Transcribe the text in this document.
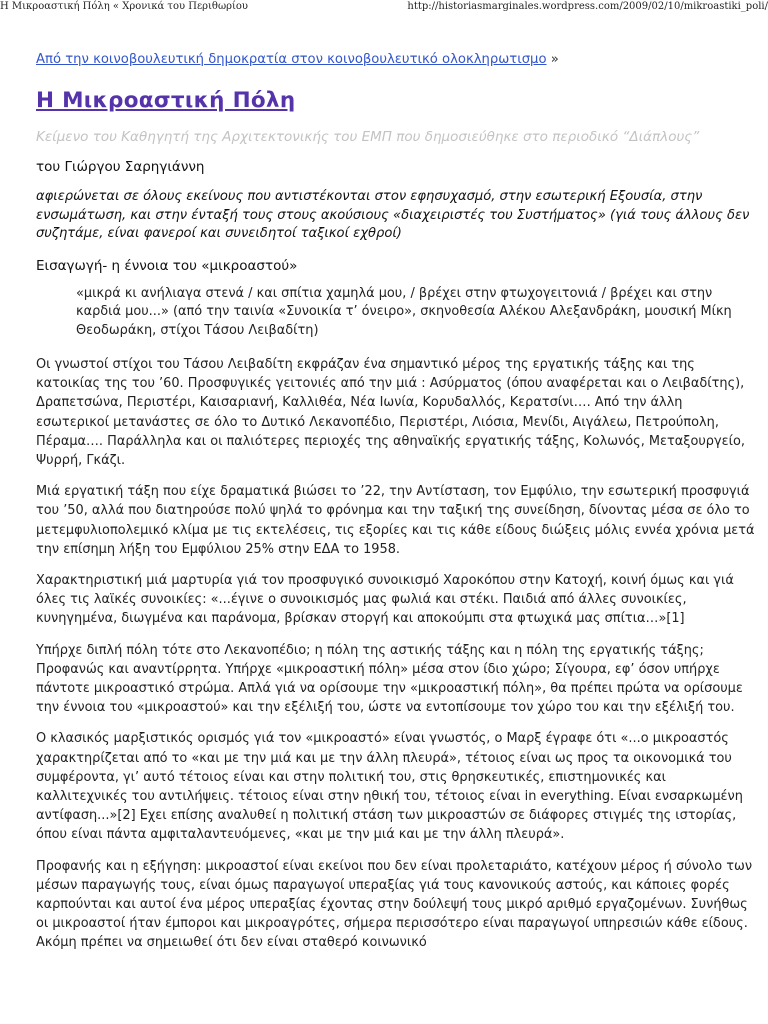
Η Μικροαστική Πόλη « Χρονικά του Περιθωρίου	http://historiasmarginales.wordpress.com/2009/02/10/mikroastiki_poli/
Από την κοινοβουλευτική δημοκρατία στον κοινοβουλευτικό ολοκληρωτισμο »
Η Μικροαστική Πόλη
Κείμενο του Καθηγητή της Αρχιτεκτονικής του ΕΜΠ που δημοσιεύθηκε στο περιοδικό “Διάπλους”
του Γιώργου Σαρηγιάννη
αφιερώνεται σε όλους εκείνους που αντιστέκονται στον εφησυχασμό, στην εσωτερική Εξουσία, στην ενσωμάτωση, και στην ένταξή τους στους ακούσιους «διαχειριστές του Συστήματος» (γιά τους άλλους δεν συζητάμε, είναι φανεροί και συνειδητοί ταξικοί εχθροί)
Εισαγωγή- η έννοια του «μικροαστού»
«μικρά κι ανήλιαγα στενά / και σπίτια χαμηλά μου, / βρέχει στην φτωχογειτονιά / βρέχει και στην καρδιά μου...» (από την ταινία «Συνοικία τ’ όνειρο», σκηνοθεσία Αλέκου Αλεξανδράκη, μουσική Μίκη Θεοδωράκη, στίχοι Τάσου Λειβαδίτη)

Οι γνωστοί στίχοι του Τάσου Λειβαδίτη εκφράζαν ένα σημαντικό μέρος της εργατικής τάξης και της κατοικίας της του ’60. Προσφυγικές γειτονιές από την μιά : Ασύρματος (όπου αναφέρεται και ο Λειβαδίτης), Δραπετσώνα, Περιστέρι, Καισαριανή, Καλλιθέα, Νέα Ιωνία, Κορυδαλλός, Κερατσίνι…. Από την άλλη εσωτερικοί μετανάστες σε όλο το Δυτικό Λεκανοπέδιο, Περιστέρι, Λιόσια, Μενίδι, Αιγάλεω, Πετρούπολη, Πέραμα…. Παράλληλα και οι παλιότερες περιοχές της αθηναϊκής εργατικής τάξης, Κολωνός, Μεταξουργείο, Ψυρρή, Γκάζι.

Μιά εργατική τάξη που είχε δραματικά βιώσει το ’22, την Αντίσταση, τον Εμφύλιο, την εσωτερική προσφυγιά του ’50, αλλά που διατηρούσε πολύ ψηλά το φρόνημα και την ταξική της συνείδηση, δίνοντας μέσα σε όλο το μετεμφυλιοπολεμικό κλίμα με τις εκτελέσεις, τις εξορίες και τις κάθε είδους διώξεις μόλις εννέα χρόνια μετά την επίσημη λήξη του Εμφύλιου 25% στην ΕΔΑ το 1958.

Χαρακτηριστική μιά μαρτυρία γιά τον προσφυγικό συνοικισμό Χαροκόπου στην Κατοχή, κοινή όμως και γιά όλες τις λαϊκές συνοικίες: «...έγινε ο συνοικισμός μας φωλιά και στέκι. Παιδιά από άλλες συνοικίες, κυνηγημένα, διωγμένα και παράνομα, βρίσκαν στοργή και αποκούμπι στα φτωχικά μας σπίτια…»[1]

Υπήρχε διπλή πόλη τότε στο Λεκανοπέδιο; η πόλη της αστικής τάξης και η πόλη της εργατικής τάξης; Προφανώς και αναντίρρητα. Υπήρχε «μικροαστική πόλη» μέσα στον ίδιο χώρο; Σίγουρα, εφ’ όσον υπήρχε πάντοτε μικροαστικό στρώμα. Απλά γιά να ορίσουμε την «μικροαστική πόλη», θα πρέπει πρώτα να ορίσουμε την έννοια του «μικροαστού» και την εξέλιξή του, ώστε να εντοπίσουμε τον χώρο του και την εξέλιξή του.

Ο κλασικός μαρξιστικός ορισμός γιά τον «μικροαστό» είναι γνωστός, ο Μαρξ έγραφε ότι «...ο μικροαστός χαρακτηρίζεται από το «και με την μιά και με την άλλη πλευρά», τέτοιος είναι ως προς τα οικονομικά του συμφέροντα, γι’ αυτό τέτοιος είναι και στην πολιτική του, στις θρησκευτικές, επιστημονικές και καλλιτεχνικές του αντιλήψεις. τέτοιος είναι στην ηθική του, τέτοιος είναι in everything. Είναι ενσαρκωμένη αντίφαση...»[2] Εχει επίσης αναλυθεί η πολιτική στάση των μικροαστών σε διάφορες στιγμές της ιστορίας, όπου είναι πάντα αμφιταλαντευόμενες, «και με την μιά και με την άλλη πλευρά».

Προφανής και η εξήγηση: μικροαστοί είναι εκείνοι που δεν είναι προλεταριάτο, κατέχουν μέρος ή σύνολο των μέσων παραγωγής τους, είναι όμως παραγωγοί υπεραξίας γιά τους κανονικούς αστούς, και κάποιες φορές καρπούνται και αυτοί ένα μέρος υπεραξίας έχοντας στην δούλεψή τους μικρό αριθμό εργαζομένων. Συνήθως οι μικροαστοί ήταν έμποροι και μικροαγρότες, σήμερα περισσότερο είναι παραγωγοί υπηρεσιών κάθε είδους. Ακόμη πρέπει να σημειωθεί ότι δεν είναι σταθερό κοινωνικό
